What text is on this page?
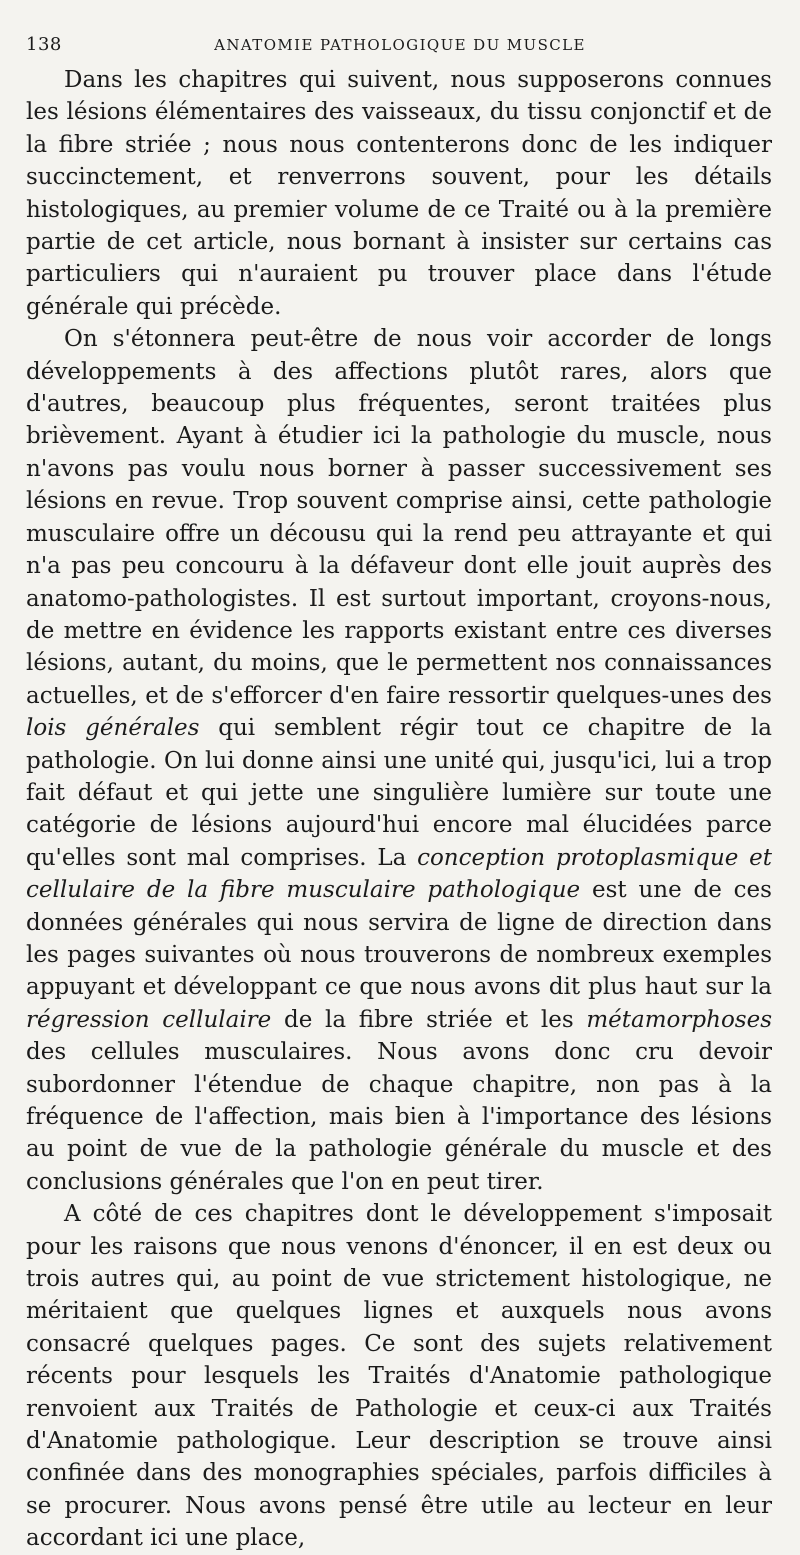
138	ANATOMIE PATHOLOGIQUE DU MUSCLE

Dans les chapitres qui suivent, nous supposerons connues les lésions élémentaires des vaisseaux, du tissu conjonctif et de la fibre striée ; nous nous contenterons donc de les indiquer succinctement, et renverrons souvent, pour les détails histologiques, au premier volume de ce Traité ou à la première partie de cet article, nous bornant à insister sur certains cas particuliers qui n'auraient pu trouver place dans l'étude générale qui précède.

On s'étonnera peut-être de nous voir accorder de longs développements à des affections plutôt rares, alors que d'autres, beaucoup plus fréquentes, seront traitées plus brièvement. Ayant à étudier ici la pathologie du muscle, nous n'avons pas voulu nous borner à passer successivement ses lésions en revue. Trop souvent comprise ainsi, cette pathologie musculaire offre un décousu qui la rend peu attrayante et qui n'a pas peu concouru à la défaveur dont elle jouit auprès des anatomo-pathologistes. Il est surtout important, croyons-nous, de mettre en évidence les rapports existant entre ces diverses lésions, autant, du moins, que le permettent nos connaissances actuelles, et de s'efforcer d'en faire ressortir quelques-unes des lois générales qui semblent régir tout ce chapitre de la pathologie. On lui donne ainsi une unité qui, jusqu'ici, lui a trop fait défaut et qui jette une singulière lumière sur toute une catégorie de lésions aujourd'hui encore mal élucidées parce qu'elles sont mal comprises. La conception protoplasmique et cellulaire de la fibre musculaire pathologique est une de ces données générales qui nous servira de ligne de direction dans les pages suivantes où nous trouverons de nombreux exemples appuyant et développant ce que nous avons dit plus haut sur la régression cellulaire de la fibre striée et les métamorphoses des cellules musculaires. Nous avons donc cru devoir subordonner l'étendue de chaque chapitre, non pas à la fréquence de l'affection, mais bien à l'importance des lésions au point de vue de la pathologie générale du muscle et des conclusions générales que l'on en peut tirer.

A côté de ces chapitres dont le développement s'imposait pour les raisons que nous venons d'énoncer, il en est deux ou trois autres qui, au point de vue strictement histologique, ne méritaient que quelques lignes et auxquels nous avons consacré quelques pages. Ce sont des sujets relativement récents pour lesquels les Traités d'Anatomie pathologique renvoient aux Traités de Pathologie et ceux-ci aux Traités d'Anatomie pathologique. Leur description se trouve ainsi confinée dans des monographies spéciales, parfois difficiles à se procurer. Nous avons pensé être utile au lecteur en leur accordant ici une place,
